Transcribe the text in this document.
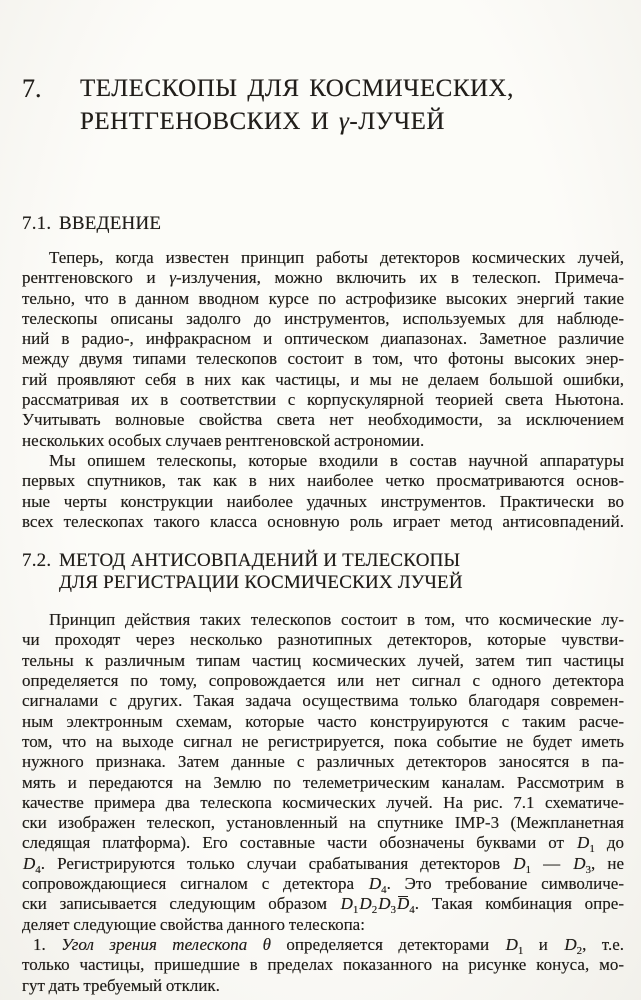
7.	ТЕЛЕСКОПЫ ДЛЯ КОСМИЧЕСКИХ,
РЕНТГЕНОВСКИХ И γ-ЛУЧЕЙ
7.1. ВВЕДЕНИЕ
Теперь, когда известен принцип работы детекторов космических лучей,
рентгеновского и γ-излучения, можно включить их в телескоп. Примеча-
тельно, что в данном вводном курсе по астрофизике высоких энергий такие
телескопы описаны задолго до инструментов, используемых для наблюде-
ний в радио-, инфракрасном и оптическом диапазонах. Заметное различие
между двумя типами телескопов состоит в том, что фотоны высоких энер-
гий проявляют себя в них как частицы, и мы не делаем большой ошибки,
рассматривая их в соответствии с корпускулярной теорией света Ньютона.
Учитывать волновые свойства света нет необходимости, за исключением
нескольких особых случаев рентгеновской астрономии.
Мы опишем телескопы, которые входили в состав научной аппаратуры
первых спутников, так как в них наиболее четко просматриваются основ-
ные черты конструкции наиболее удачных инструментов. Практически во
всех телескопах такого класса основную роль играет метод антисовпадений.
7.2. МЕТОД АНТИСОВПАДЕНИЙ И ТЕЛЕСКОПЫ
ДЛЯ РЕГИСТРАЦИИ КОСМИЧЕСКИХ ЛУЧЕЙ
Принцип действия таких телескопов состоит в том, что космические лу-
чи проходят через несколько разнотипных детекторов, которые чувстви-
тельны к различным типам частиц космических лучей, затем тип частицы
определяется по тому, сопровождается или нет сигнал с одного детектора
сигналами с других. Такая задача осуществима только благодаря современ-
ным электронным схемам, которые часто конструируются с таким расче-
том, что на выходе сигнал не регистрируется, пока событие не будет иметь
нужного признака. Затем данные с различных детекторов заносятся в па-
мять и передаются на Землю по телеметрическим каналам. Рассмотрим в
качестве примера два телескопа космических лучей. На рис. 7.1 схематиче-
ски изображен телескоп, установленный на спутнике IMP-3 (Межпланетная
следящая платформа). Его составные части обозначены буквами от $D_1$ до
$D_4$. Регистрируются только случаи срабатывания детекторов $D_1$ — $D_3$, не
сопровождающиеся сигналом с детектора $D_4$. Это требование символиче-
ски записывается следующим образом $D_1D_2D_3D_4$. Такая комбинация опре-
деляет следующие свойства данного телескопа:
1. Угол зрения телескопа θ определяется детекторами $D_1$ и $D_2$, т.е.
только частицы, пришедшие в пределах показанного на рисунке конуса, мо-
гут дать требуемый отклик.
